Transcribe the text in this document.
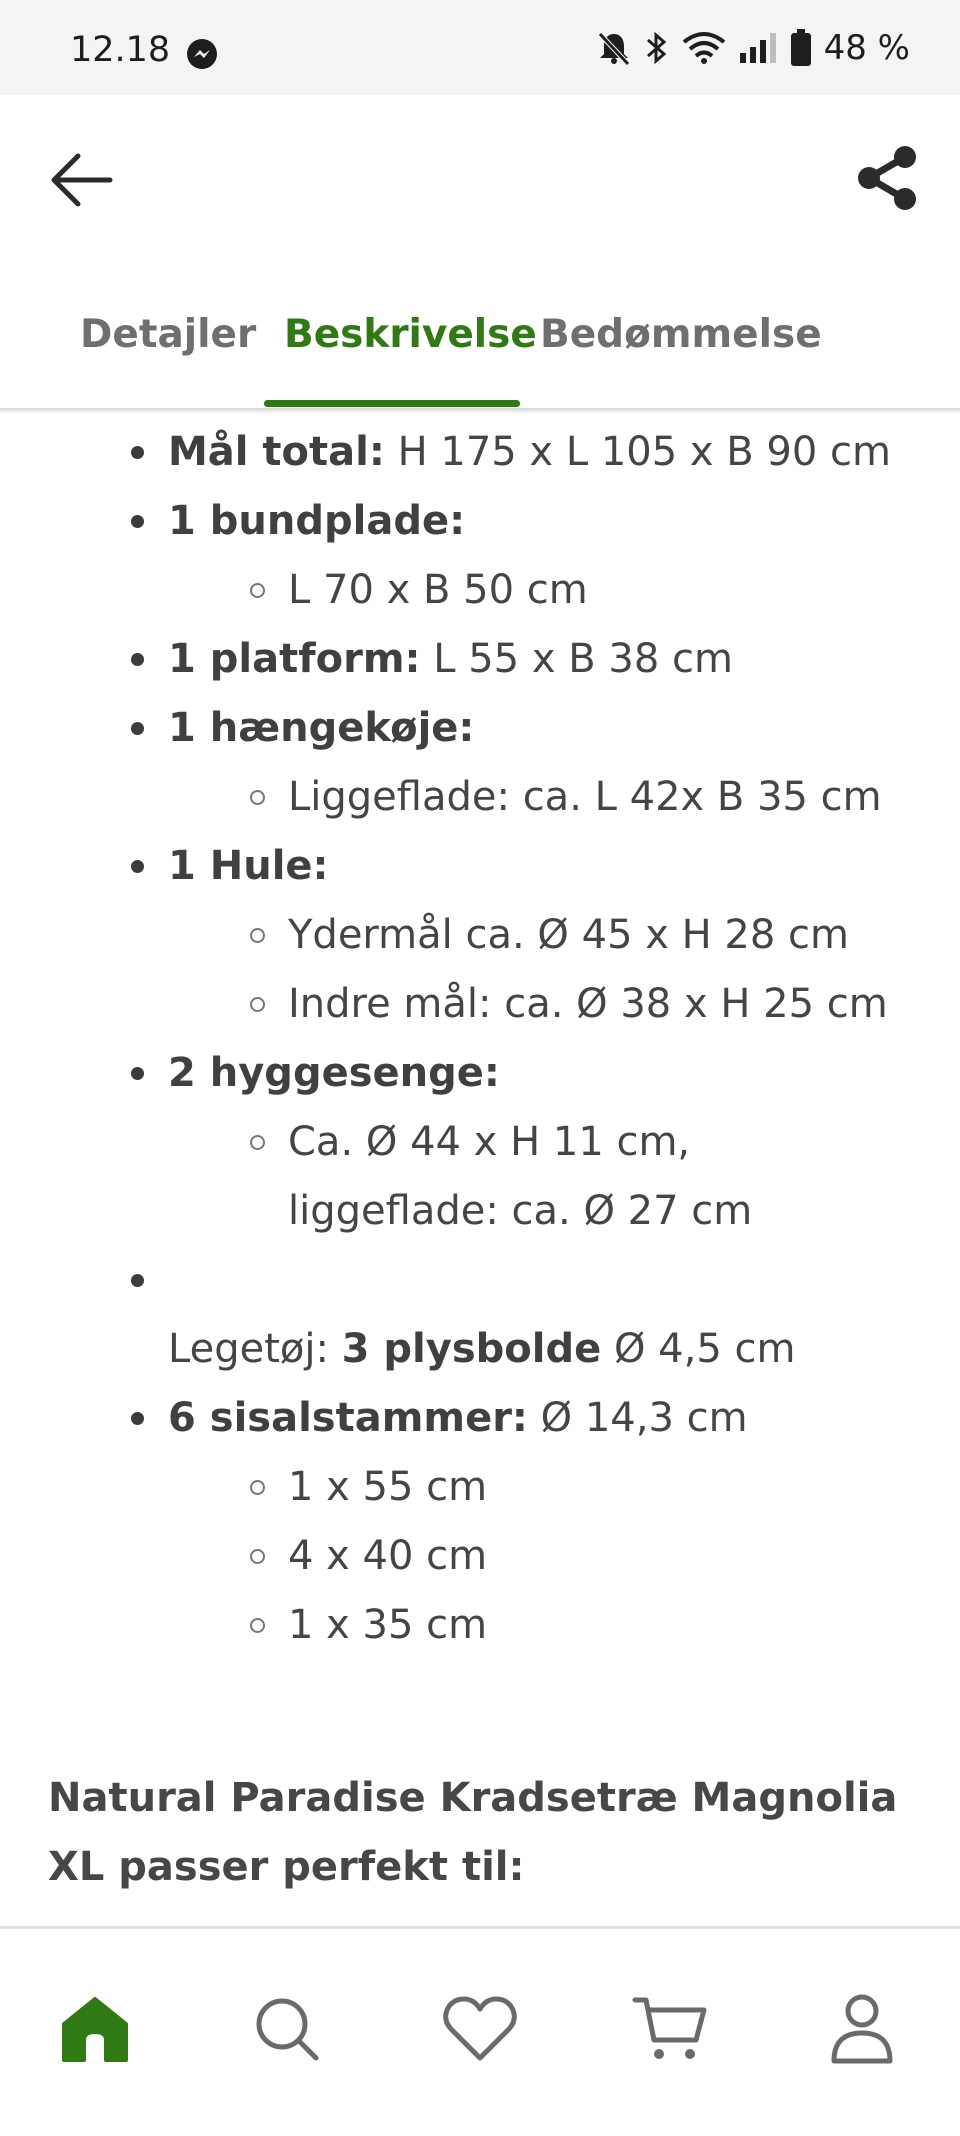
12.18	48 %
Detajler Beskrivelse Bedømmelse
Mål total: H 175 x L 105 x B 90 cm
1 bundplade:
L 70 x B 50 cm
1 platform: L 55 x B 38 cm
1 hængekøje:
Liggeflade: ca. L 42x B 35 cm
1 Hule:
Ydermål ca. Ø 45 x H 28 cm
Indre mål: ca. Ø 38 x H 25 cm
2 hyggesenge:
Ca. Ø 44 x H 11 cm,
liggeflade: ca. Ø 27 cm
Legetøj: 3 plysbolde Ø 4,5 cm
6 sisalstammer: Ø 14,3 cm
1 x 55 cm
4 x 40 cm
1 x 35 cm
Natural Paradise Kradsetræ Magnolia XL passer perfekt til:
